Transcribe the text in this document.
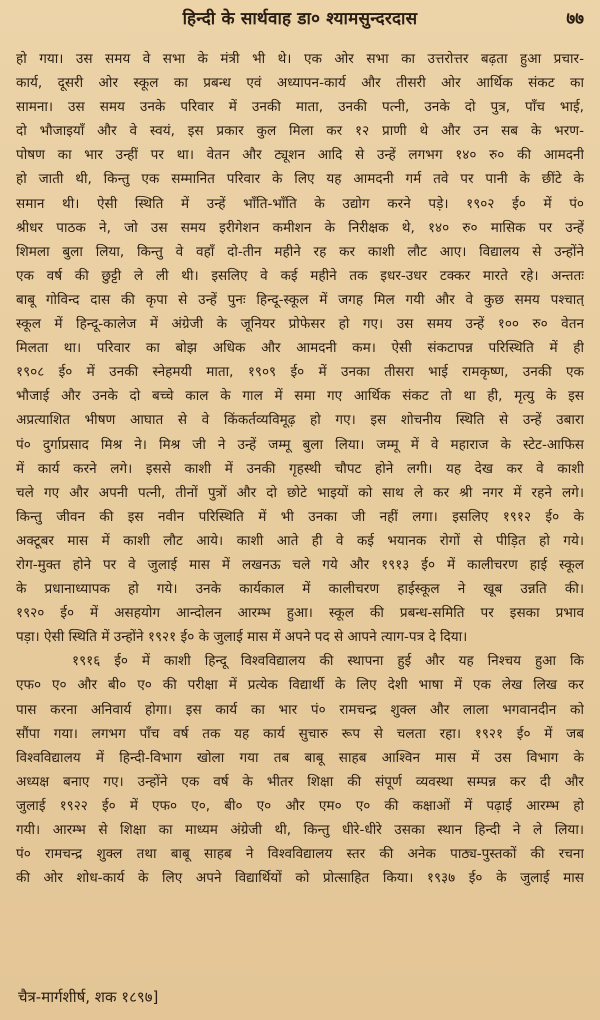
हिन्दी के सार्थवाह डा० श्यामसुन्दरदास	७७
हो गया। उस समय वे सभा के मंत्री भी थे। एक ओर सभा का उत्तरोत्तर बढ़ता हुआ प्रचार-
कार्य, दूसरी ओर स्कूल का प्रबन्ध एवं अध्यापन-कार्य और तीसरी ओर आर्थिक संकट का
सामना। उस समय उनके परिवार में उनकी माता, उनकी पत्नी, उनके दो पुत्र, पाँच भाई,
दो भौजाइयाँ और वे स्वयं, इस प्रकार कुल मिला कर १२ प्राणी थे और उन सब के भरण-
पोषण का भार उन्हीं पर था। वेतन और ट्यूशन आदि से उन्हें लगभग १४० रु० की आमदनी
हो जाती थी, किन्तु एक सम्मानित परिवार के लिए यह आमदनी गर्म तवे पर पानी के छींटे के
समान थी। ऐसी स्थिति में उन्हें भाँति-भाँति के उद्योग करने पड़े। १९०२ ई० में पं०
श्रीधर पाठक ने, जो उस समय इरीगेशन कमीशन के निरीक्षक थे, १४० रु० मासिक पर उन्हें
शिमला बुला लिया, किन्तु वे वहाँ दो-तीन महीने रह कर काशी लौट आए। विद्यालय से उन्होंने
एक वर्ष की छुट्टी ले ली थी। इसलिए वे कई महीने तक इधर-उधर टक्कर मारते रहे। अन्ततः
बाबू गोविन्द दास की कृपा से उन्हें पुनः हिन्दू-स्कूल में जगह मिल गयी और वे कुछ समय पश्चात्
स्कूल में हिन्दू-कालेज में अंग्रेजी के जूनियर प्रोफेसर हो गए। उस समय उन्हें १०० रु० वेतन
मिलता था। परिवार का बोझ अधिक और आमदनी कम। ऐसी संकटापन्न परिस्थिति में ही
१९०८ ई० में उनकी स्नेहमयी माता, १९०९ ई० में उनका तीसरा भाई रामकृष्ण, उनकी एक
भौजाई और उनके दो बच्चे काल के गाल में समा गए आर्थिक संकट तो था ही, मृत्यु के इस
अप्रत्याशित भीषण आघात से वे किंकर्तव्यविमूढ़ हो गए। इस शोचनीय स्थिति से उन्हें उबारा
पं० दुर्गाप्रसाद मिश्र ने। मिश्र जी ने उन्हें जम्मू बुला लिया। जम्मू में वे महाराज के स्टेट-आफिस
में कार्य करने लगे। इससे काशी में उनकी गृहस्थी चौपट होने लगी। यह देख कर वे काशी
चले गए और अपनी पत्नी, तीनों पुत्रों और दो छोटे भाइयों को साथ ले कर श्री नगर में रहने लगे।
किन्तु जीवन की इस नवीन परिस्थिति में भी उनका जी नहीं लगा। इसलिए १९१२ ई० के
अक्टूबर मास में काशी लौट आये। काशी आते ही वे कई भयानक रोगों से पीड़ित हो गये।
रोग-मुक्त होने पर वे जुलाई मास में लखनऊ चले गये और १९१३ ई० में कालीचरण हाई स्कूल
के प्रधानाध्यापक हो गये। उनके कार्यकाल में कालीचरण हाईस्कूल ने खूब उन्नति की।
१९२० ई० में असहयोग आन्दोलन आरम्भ हुआ। स्कूल की प्रबन्ध-समिति पर इसका प्रभाव
पड़ा। ऐसी स्थिति में उन्होंने १९२१ ई० के जुलाई मास में अपने पद से आपने त्याग-पत्र दे दिया।
१९१६ ई० में काशी हिन्दू विश्वविद्यालय की स्थापना हुई और यह निश्चय हुआ कि
एफ० ए० और बी० ए० की परीक्षा में प्रत्येक विद्यार्थी के लिए देशी भाषा में एक लेख लिख कर
पास करना अनिवार्य होगा। इस कार्य का भार पं० रामचन्द्र शुक्ल और लाला भगवानदीन को
सौंपा गया। लगभग पाँच वर्ष तक यह कार्य सुचारु रूप से चलता रहा। १९२१ ई० में जब
विश्वविद्यालय में हिन्दी-विभाग खोला गया तब बाबू साहब आश्विन मास में उस विभाग के
अध्यक्ष बनाए गए। उन्होंने एक वर्ष के भीतर शिक्षा की संपूर्ण व्यवस्था सम्पन्न कर दी और
जुलाई १९२२ ई० में एफ० ए०, बी० ए० और एम० ए० की कक्षाओं में पढ़ाई आरम्भ हो
गयी। आरम्भ से शिक्षा का माध्यम अंग्रेजी थी, किन्तु धीरे-धीरे उसका स्थान हिन्दी ने ले लिया।
पं० रामचन्द्र शुक्ल तथा बाबू साहब ने विश्वविद्यालय स्तर की अनेक पाठ्य-पुस्तकों की रचना
की ओर शोध-कार्य के लिए अपने विद्यार्थियों को प्रोत्साहित किया। १९३७ ई० के जुलाई मास
चैत्र-मार्गशीर्ष, शक १८९७]
